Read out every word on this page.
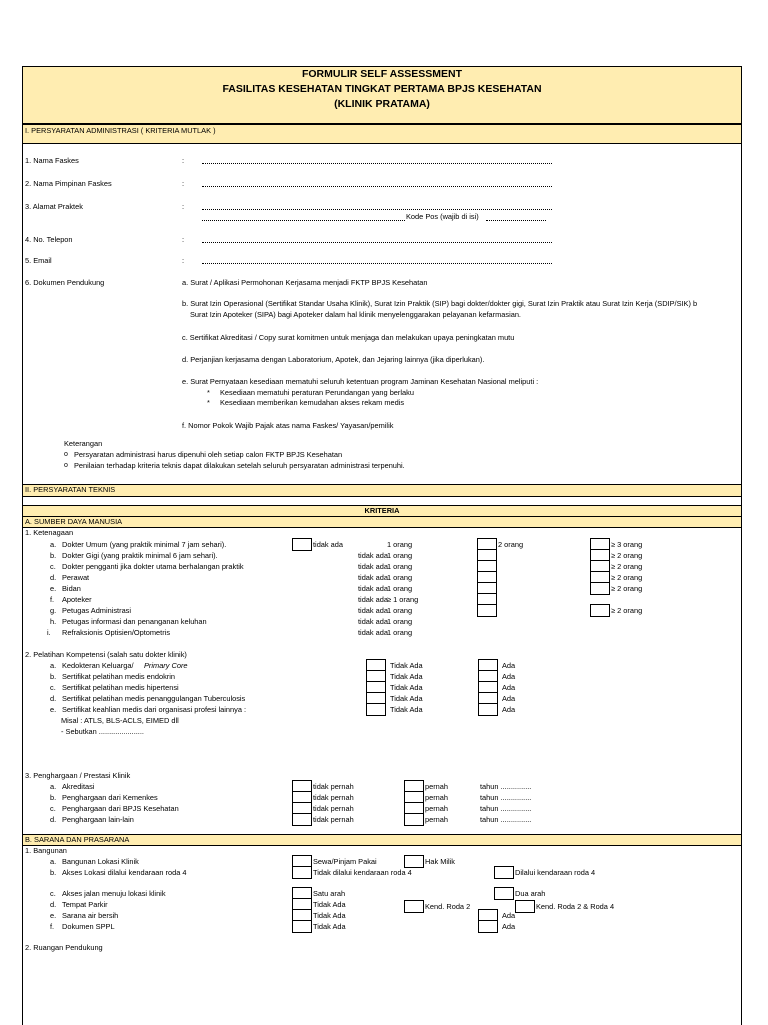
FORMULIR SELF ASSESSMENT
FASILITAS KESEHATAN TINGKAT PERTAMA BPJS KESEHATAN
(KLINIK PRATAMA)
I. PERSYARATAN ADMINISTRASI ( KRITERIA MUTLAK )
1. Nama Faskes	:
2. Nama Pimpinan Faskes	:
3. Alamat Praktek	:
Kode Pos (wajib di isi)
4. No. Telepon	:
5. Email	:
6. Dokumen Pendukung	a. Surat / Aplikasi Permohonan Kerjasama menjadi FKTP BPJS Kesehatan
b. Surat Izin Operasional (Sertifikat Standar Usaha Klinik), Surat Izin Praktik (SIP) bagi dokter/dokter gigi, Surat Izin Praktik atau Surat Izin Kerja (SDIP/SIK) b
Surat Izin Apoteker (SIPA) bagi Apoteker dalam hal klinik menyelenggarakan pelayanan kefarmasian.
c. Sertifikat Akreditasi / Copy surat komitmen untuk menjaga dan melakukan upaya peningkatan mutu
d. Perjanjian kerjasama dengan Laboratorium, Apotek, dan Jejaring lainnya (jika diperlukan).
e. Surat Pernyataan kesediaan mematuhi seluruh ketentuan program Jaminan Kesehatan Nasional meliputi :
* Kesediaan mematuhi peraturan Perundangan yang berlaku
* Kesediaan memberikan kemudahan akses rekam medis
f. Nomor Pokok Wajib Pajak atas nama Faskes/ Yayasan/pemilik
Keterangan
o Persyaratan administrasi harus dipenuhi oleh setiap calon FKTP BPJS Kesehatan
o Penilaian terhadap kriteria teknis dapat dilakukan setelah seluruh persyaratan administrasi terpenuhi.
II. PERSYARATAN TEKNIS
KRITERIA
A. SUMBER DAYA MANUSIA
1. Ketenagaan
2. Pelatihan Kompetensi (salah satu dokter klinik)
Misal : ATLS, BLS-ACLS, EIMED dll
- Sebutkan ......................
3. Penghargaan / Prestasi Klinik
B. SARANA DAN PRASARANA
1. Bangunan
a. Bangunan Lokasi Klinik	Sewa/Pinjam Pakai	Hak Milik
b. Akses Lokasi dilalui kendaraan roda 4	Tidak dilalui kendaraan roda 4	Dilalui kendaraan roda 4
c. Akses jalan menuju lokasi klinik	Satu arah	Dua arah
d. Tempat Parkir	Tidak Ada	Kend. Roda 2	Kend. Roda 2 & Roda 4
e. Sarana air bersih	Tidak Ada	Ada
f. Dokumen SPPL	Tidak Ada	Ada
2. Ruangan Pendukung
a. Dokter Umum (yang praktik minimal 7 jam sehari).	tidak ada	1 orang	2 orang	≥ 3 orang
b. Dokter Gigi (yang praktik minimal 6 jam sehari).	tidak ada 1 orang	≥ 2 orang
c. Dokter pengganti jika dokter utama berhalangan praktik	tidak ada 1 orang	≥ 2 orang
d. Perawat	tidak ada 1 orang	≥ 2 orang
e. Bidan	tidak ada 1 orang	≥ 2 orang
f. Apoteker	tidak ada ≥ 1 orang
g. Petugas Administrasi	tidak ada 1 orang	≥ 2 orang
h. Petugas informasi dan penanganan keluhan	tidak ada 1 orang
i. Refraksionis Optisien/Optometris	tidak ada 1 orang
a. Kedokteran Keluarga/ Primary Core	Tidak Ada	Ada
b. Sertifikat pelatihan medis endokrin	Tidak Ada	Ada
c. Sertifikat pelatihan medis hipertensi	Tidak Ada	Ada
d. Sertifikat pelatihan medis penanggulangan Tuberculosis	Tidak Ada	Ada
e. Sertifikat keahlian medis dari organisasi profesi lainnya :	Tidak Ada	Ada
a. Akreditasi	tidak pernah	pernah	tahun ...............
b. Penghargaan dari Kemenkes	tidak pernah	pernah	tahun ...............
c. Penghargaan dari BPJS Kesehatan	tidak pernah	pernah	tahun ...............
d. Penghargaan lain-lain	tidak pernah	pernah	tahun ...............
